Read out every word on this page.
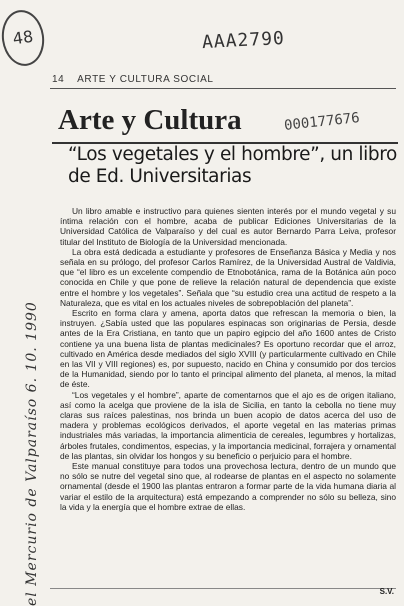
48	AAA2790
14 ARTE Y CULTURA SOCIAL
Arte y Cultura	000177676
“Los vegetales y el hombre”, un libro de Ed. Universitarias

Un libro amable e instructivo para quienes sienten interés por el mundo vegetal y su íntima relación con el hombre, acaba de publicar Ediciones Universitarias de la Universidad Católica de Valparaíso y del cual es autor Bernardo Parra Leiva, profesor titular del Instituto de Biología de la Universidad mencionada.

La obra está dedicada a estudiante y profesores de Enseñanza Básica y Media y nos señala en su prólogo, del profesor Carlos Ramírez, de la Universidad Austral de Valdivia, que “el libro es un excelente compendio de Etnobotánica, rama de la Botánica aún poco conocida en Chile y que pone de relieve la relación natural de dependencia que existe entre el hombre y los vegetales”. Señala que “su estudio crea una actitud de respeto a la Naturaleza, que es vital en los actuales niveles de sobrepoblación del planeta”.

Escrito en forma clara y amena, aporta datos que refrescan la memoria o bien, la instruyen. ¿Sabía usted que las populares espinacas son originarias de Persia, desde antes de la Era Cristiana, en tanto que un papiro egipcio del año 1600 antes de Cristo contiene ya una buena lista de plantas medicinales? Es oportuno recordar que el arroz, cultivado en América desde mediados del siglo XVIII (y particularmente cultivado en Chile en las VII y VIII regiones) es, por supuesto, nacido en China y consumido por dos tercios de la Humanidad, siendo por lo tanto el principal alimento del planeta, al menos, la mitad de éste.

“Los vegetales y el hombre”, aparte de comentarnos que el ajo es de origen italiano, así como la acelga que proviene de la isla de Sicilia, en tanto la cebolla no tiene muy claras sus raíces palestinas, nos brinda un buen acopio de datos acerca del uso de madera y problemas ecológicos derivados, el aporte vegetal en las materias primas industriales más variadas, la importancia alimenticia de cereales, legumbres y hortalizas, árboles frutales, condimentos, especias, y la importancia medicinal, forrajera y ornamental de las plantas, sin olvidar los hongos y su beneficio o perjuicio para el hombre.

Este manual constituye para todos una provechosa lectura, dentro de un mundo que no sólo se nutre del vegetal sino que, al rodearse de plantas en el aspecto no solamente ornamental (desde el 1900 las plantas entraron a formar parte de la vida humana diaria al variar el estilo de la arquitectura) está empezando a comprender no sólo su belleza, sino la vida y la energía que el hombre extrae de ellas.

el Mercurio de Valparaíso 6. 10. 1990	S.V.
